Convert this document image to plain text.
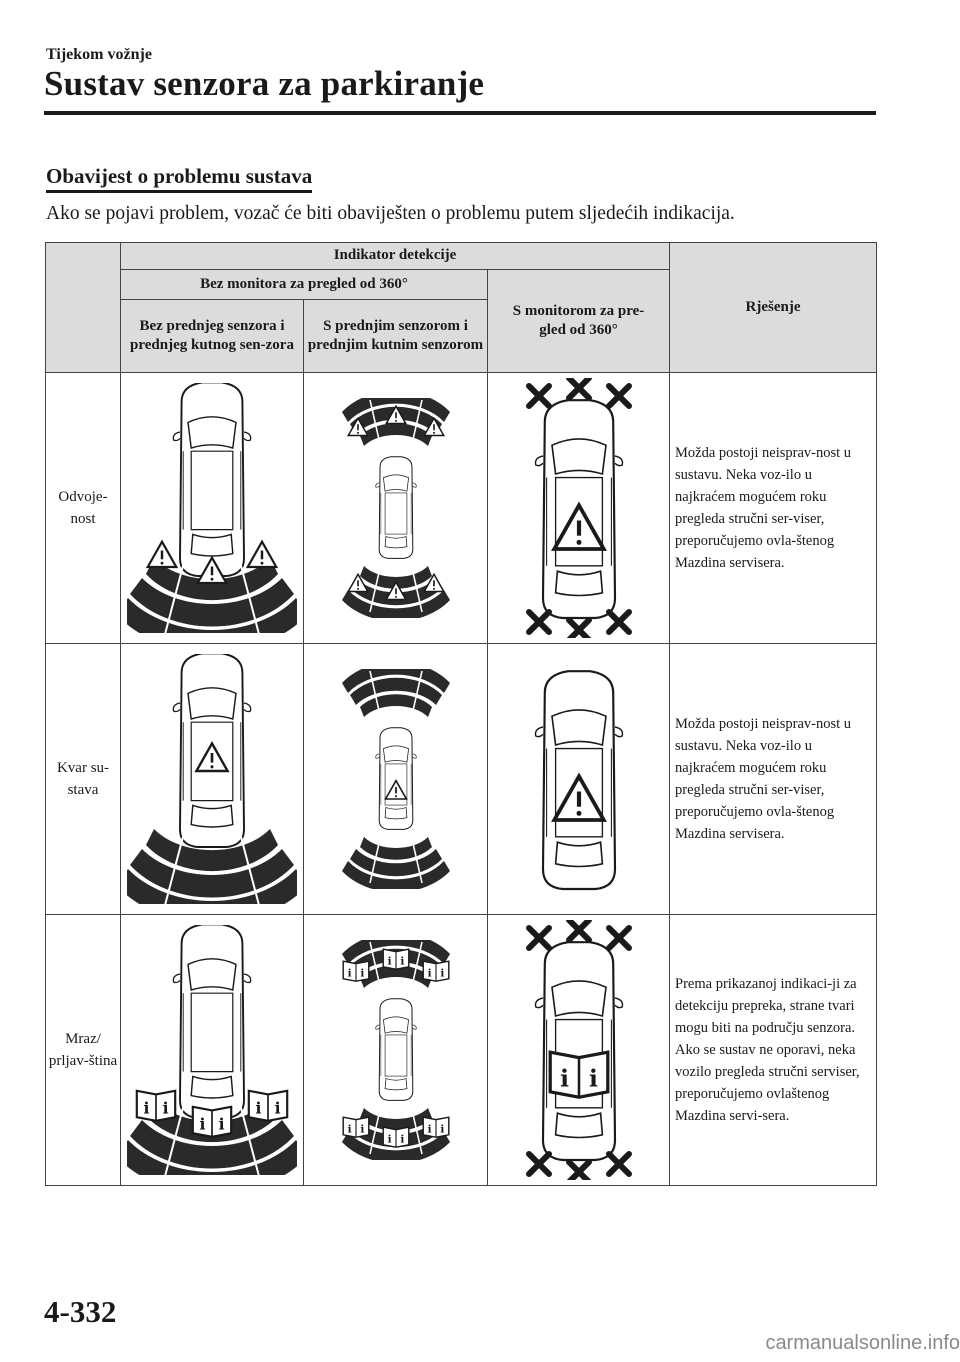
Tijekom vožnje
Sustav senzora za parkiranje
Obavijest o problemu sustava

Ako se pojavi problem, vozač će biti obaviješten o problemu putem sljedećih indikacija.

	Indikator detekcije			Rješenje
	Bez monitora za pregled od 360°		S monitorom za pre-gled od 360°	
	Bez prednjeg senzora i prednjeg kutnog sen-zora	S prednjim senzorom i prednjim kutnim senzorom		
Odvoje-nost				Možda postoji neisprav-nost u sustavu. Neka voz-ilo u najkraćem mogućem roku pregleda stručni ser-viser, preporučujemo ovla-štenog Mazdina servisera.
Kvar su-stava				Možda postoji neisprav-nost u sustavu. Neka voz-ilo u najkraćem mogućem roku pregleda stručni ser-viser, preporučujemo ovla-štenog Mazdina servisera.
Mraz/ prljav-ština				Prema prikazanoj indikaci-ji za detekciju prepreka, strane tvari mogu biti na području senzora. Ako se sustav ne oporavi, neka vozilo pregleda stručni serviser, preporučujemo ovlaštenog Mazdina servi-sera.
4-332
carmanualsonline.info
